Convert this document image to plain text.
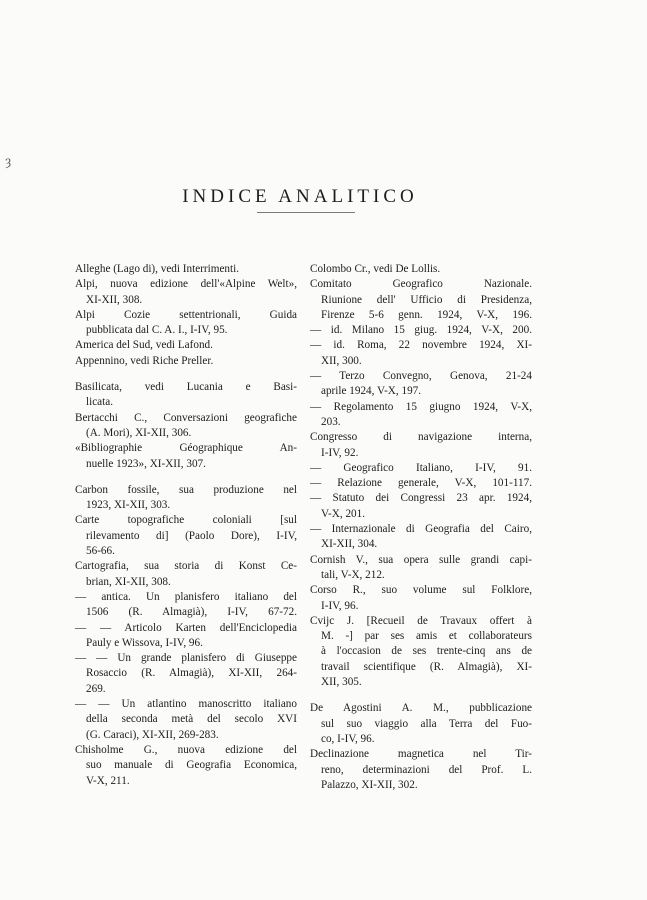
Ȝ
INDICE ANALITICO
Alleghe (Lago di), vedi Interrimenti.
Alpi, nuova edizione dell'«Alpine Welt»,
XI-XII, 308.
Alpi Cozie settentrionali, Guida
pubblicata dal C. A. I., I-IV, 95.
America del Sud, vedi Lafond.
Appennino, vedi Riche Preller.
Basilicata, vedi Lucania e Basi-
licata.
Bertacchi C., Conversazioni geografiche
(A. Mori), XI-XII, 306.
«Bibliographie Géographique An-
nuelle 1923», XI-XII, 307.
Carbon fossile, sua produzione nel
1923, XI-XII, 303.
Carte topografiche coloniali [sul
rilevamento di] (Paolo Dore), I-IV,
56-66.
Cartografia, sua storia di Konst Ce-
brian, XI-XII, 308.
— antica. Un planisfero italiano del
1506 (R. Almagià), I-IV, 67-72.
— — Articolo Karten dell'Enciclopedia
Pauly e Wissova, I-IV, 96.
— — Un grande planisfero di Giuseppe
Rosaccio (R. Almagià), XI-XII, 264-
269.
— — Un atlantino manoscritto italiano
della seconda metà del secolo XVI
(G. Caraci), XI-XII, 269-283.
Chisholme G., nuova edizione del
suo manuale di Geografia Economica,
V-X, 211.
Colombo Cr., vedi De Lollis.
Comitato Geografico Nazionale.
Riunione dell' Ufficio di Presidenza,
Firenze 5-6 genn. 1924, V-X, 196.
— id. Milano 15 giug. 1924, V-X, 200.
— id. Roma, 22 novembre 1924, XI-
XII, 300.
— Terzo Convegno, Genova, 21-24
aprile 1924, V-X, 197.
— Regolamento 15 giugno 1924, V-X,
203.
Congresso di navigazione interna,
I-IV, 92.
— Geografico Italiano, I-IV, 91.
— Relazione generale, V-X, 101-117.
— Statuto dei Congressi 23 apr. 1924,
V-X, 201.
— Internazionale di Geografia del Cairo,
XI-XII, 304.
Cornish V., sua opera sulle grandi capi-
tali, V-X, 212.
Corso R., suo volume sul Folklore,
I-IV, 96.
Cvijc J. [Recueil de Travaux offert à
M. -] par ses amis et collaborateurs
à l'occasion de ses trente-cinq ans de
travail scientifique (R. Almagià), XI-
XII, 305.
De Agostini A. M., pubblicazione
sul suo viaggio alla Terra del Fuo-
co, I-IV, 96.
Declinazione magnetica nel Tir-
reno, determinazioni del Prof. L.
Palazzo, XI-XII, 302.
